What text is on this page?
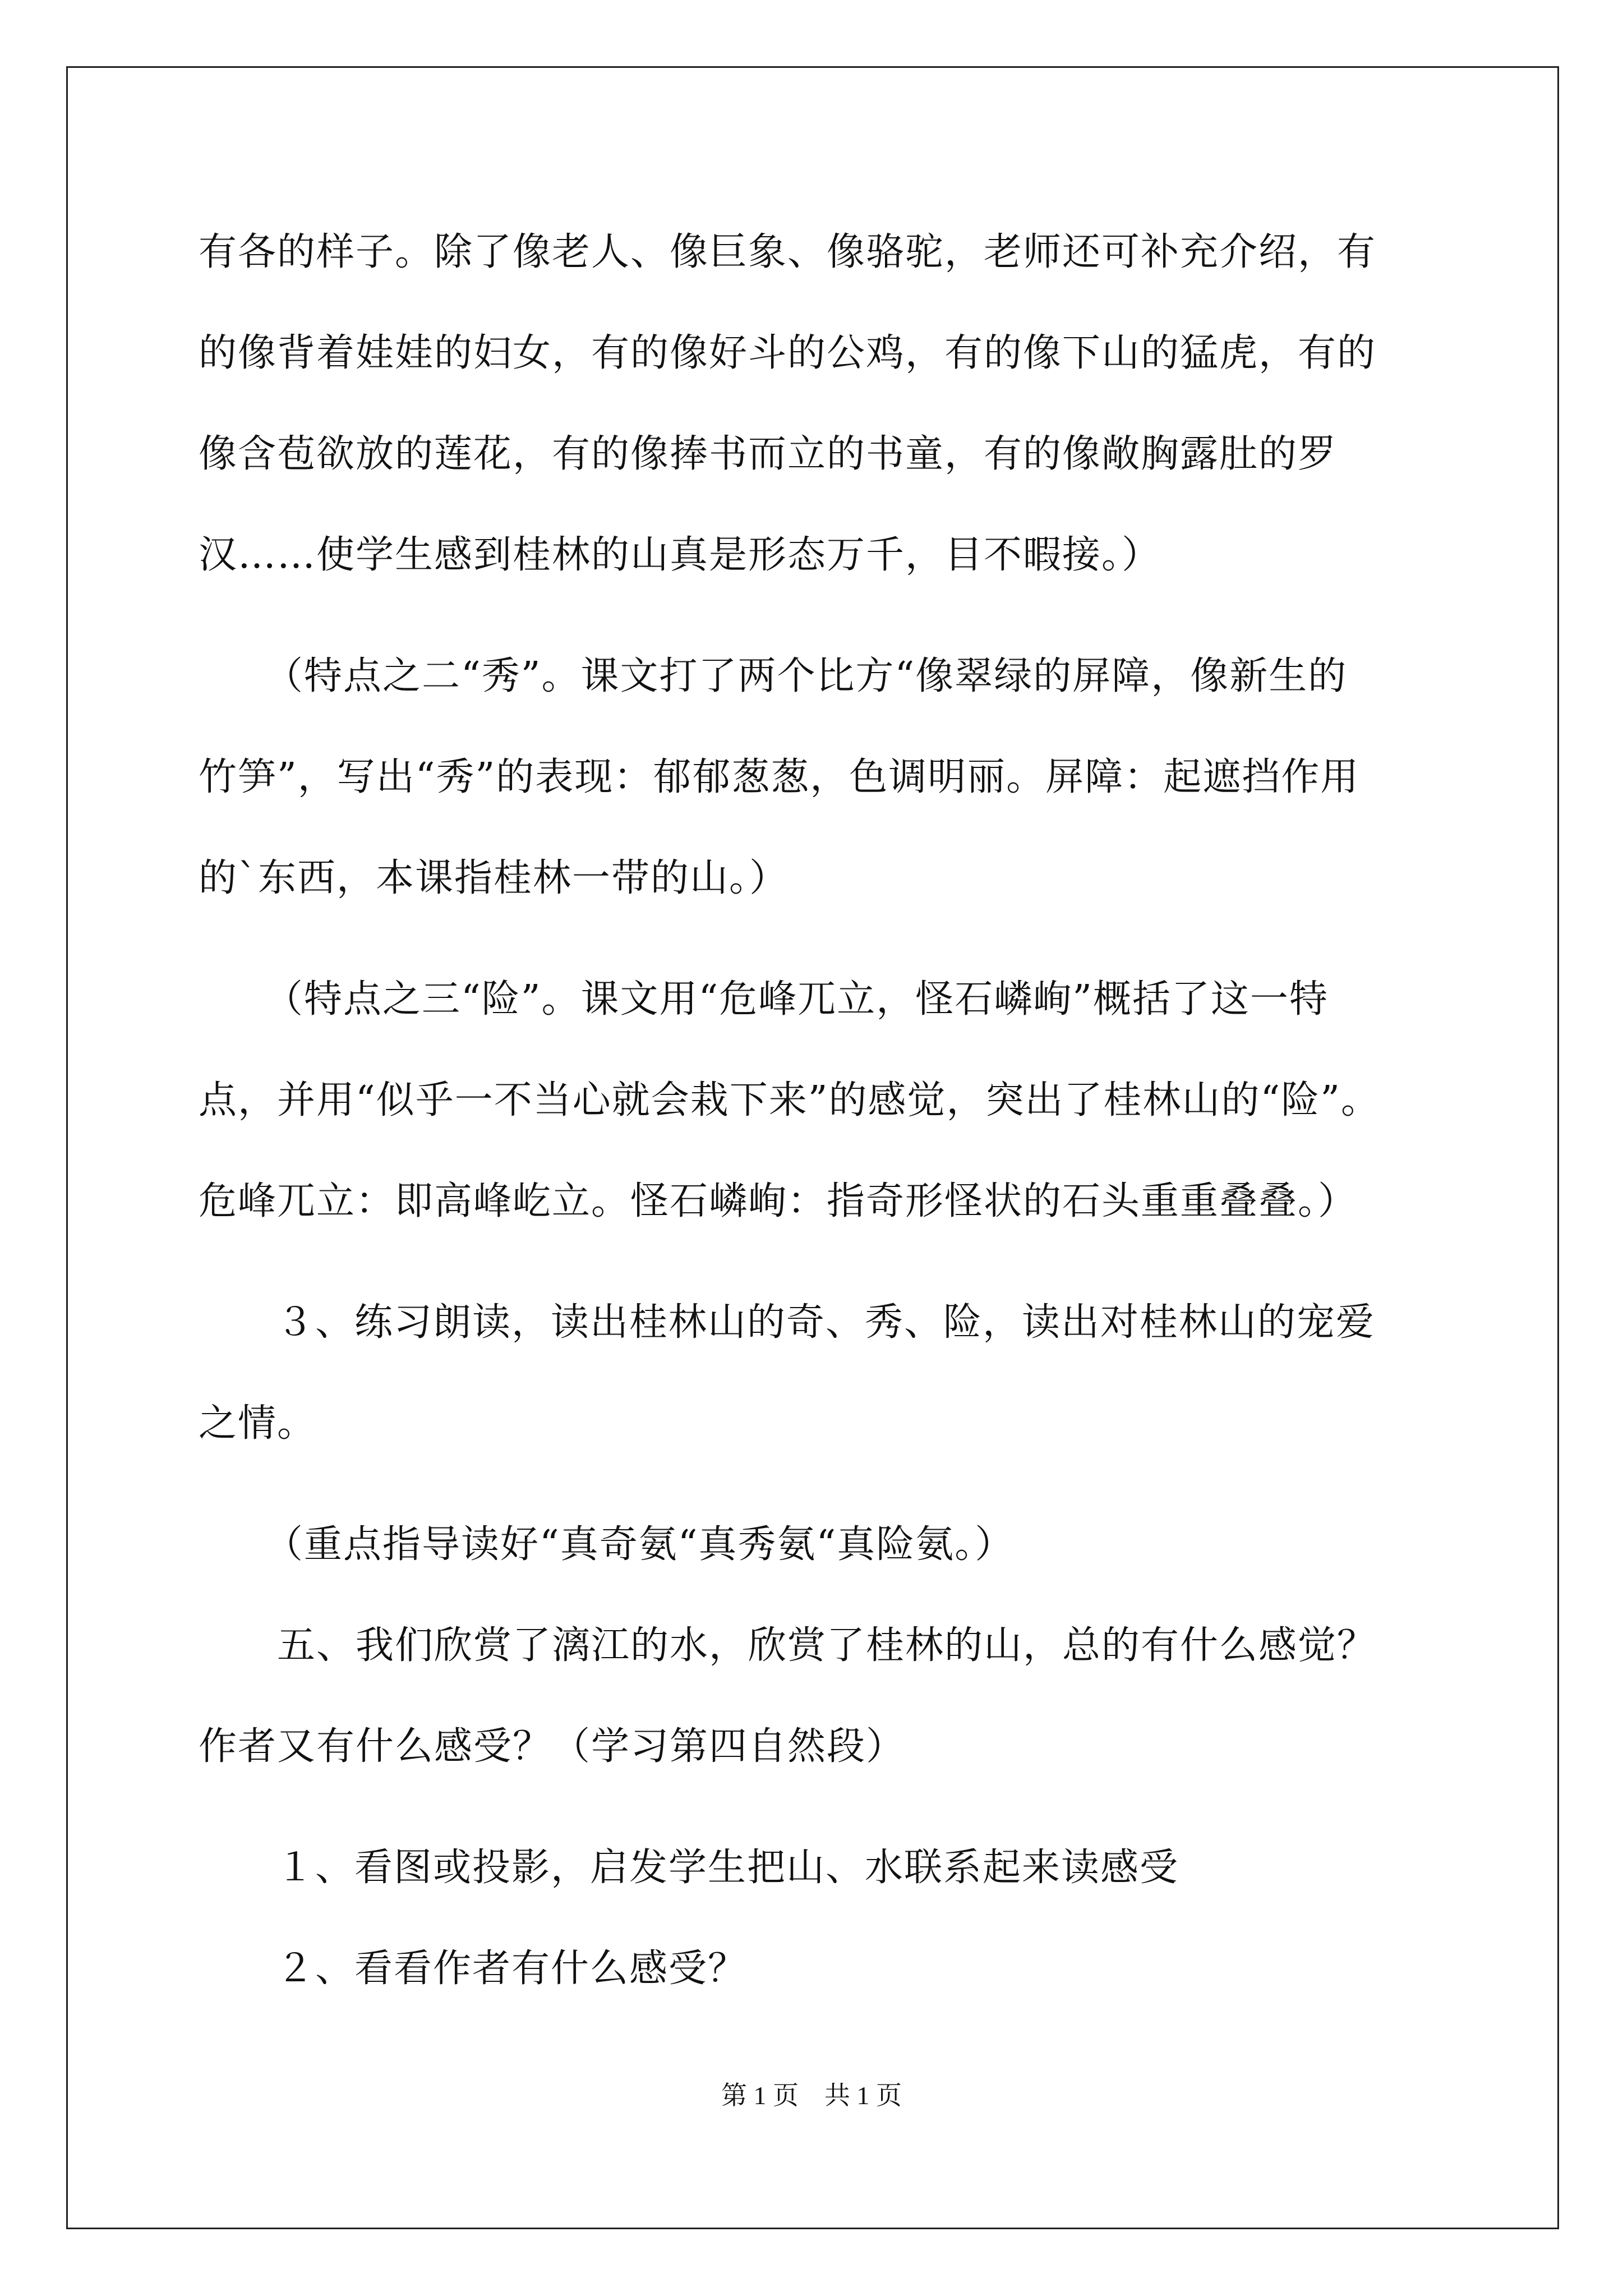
有各的样子。除了像老人、像巨象、像骆驼，老师还可补充介绍，有
的像背着娃娃的妇女，有的像好斗的公鸡，有的像下山的猛虎，有的
像含苞欲放的莲花，有的像捧书而立的书童，有的像敞胸露肚的罗
汉……使学生感到桂林的山真是形态万千，目不暇接。）
（特点之二“秀”。课文打了两个比方“像翠绿的屏障，像新生的
竹笋”，写出“秀”的表现：郁郁葱葱，色调明丽。屏障：起遮挡作用
的`东西，本课指桂林一带的山。）
（特点之三“险”。课文用“危峰兀立，怪石嶙峋”概括了这一特
点，并用“似乎一不当心就会栽下来”的感觉，突出了桂林山的“险”。
危峰兀立：即高峰屹立。怪石嶙峋：指奇形怪状的石头重重叠叠。）
３、练习朗读，读出桂林山的奇、秀、险，读出对桂林山的宠爱
之情。
（重点指导读好“真奇氨“真秀氨“真险氨。）
五、我们欣赏了漓江的水，欣赏了桂林的山，总的有什么感觉？
作者又有什么感受？（学习第四自然段）
１、看图或投影，启发学生把山、水联系起来读感受
２、看看作者有什么感受？
第 1 页　共 1 页
